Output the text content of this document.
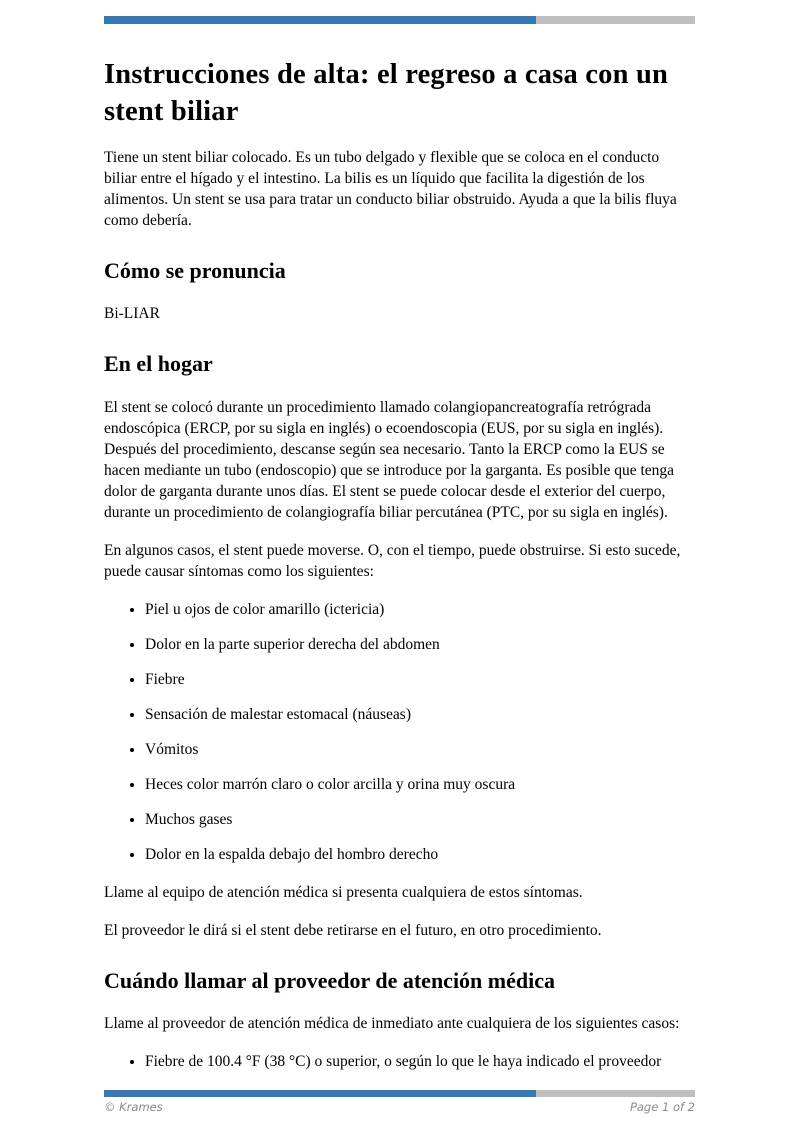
Instrucciones de alta: el regreso a casa con un stent biliar

Tiene un stent biliar colocado. Es un tubo delgado y flexible que se coloca en el conducto biliar entre el hígado y el intestino. La bilis es un líquido que facilita la digestión de los alimentos. Un stent se usa para tratar un conducto biliar obstruido. Ayuda a que la bilis fluya como debería.

Cómo se pronuncia

Bi-LIAR

En el hogar

El stent se colocó durante un procedimiento llamado colangiopancreatografía retrógrada endoscópica (ERCP, por su sigla en inglés) o ecoendoscopia (EUS, por su sigla en inglés). Después del procedimiento, descanse según sea necesario. Tanto la ERCP como la EUS se hacen mediante un tubo (endoscopio) que se introduce por la garganta. Es posible que tenga dolor de garganta durante unos días. El stent se puede colocar desde el exterior del cuerpo, durante un procedimiento de colangiografía biliar percutánea (PTC, por su sigla en inglés).

En algunos casos, el stent puede moverse. O, con el tiempo, puede obstruirse. Si esto sucede, puede causar síntomas como los siguientes:

• Piel u ojos de color amarillo (ictericia)
• Dolor en la parte superior derecha del abdomen
• Fiebre
• Sensación de malestar estomacal (náuseas)
• Vómitos
• Heces color marrón claro o color arcilla y orina muy oscura
• Muchos gases
• Dolor en la espalda debajo del hombro derecho

Llame al equipo de atención médica si presenta cualquiera de estos síntomas.

El proveedor le dirá si el stent debe retirarse en el futuro, en otro procedimiento.

Cuándo llamar al proveedor de atención médica

Llame al proveedor de atención médica de inmediato ante cualquiera de los siguientes casos:

• Fiebre de 100.4 °F (38 °C) o superior, o según lo que le haya indicado el proveedor
© Krames	Page 1 of 2
